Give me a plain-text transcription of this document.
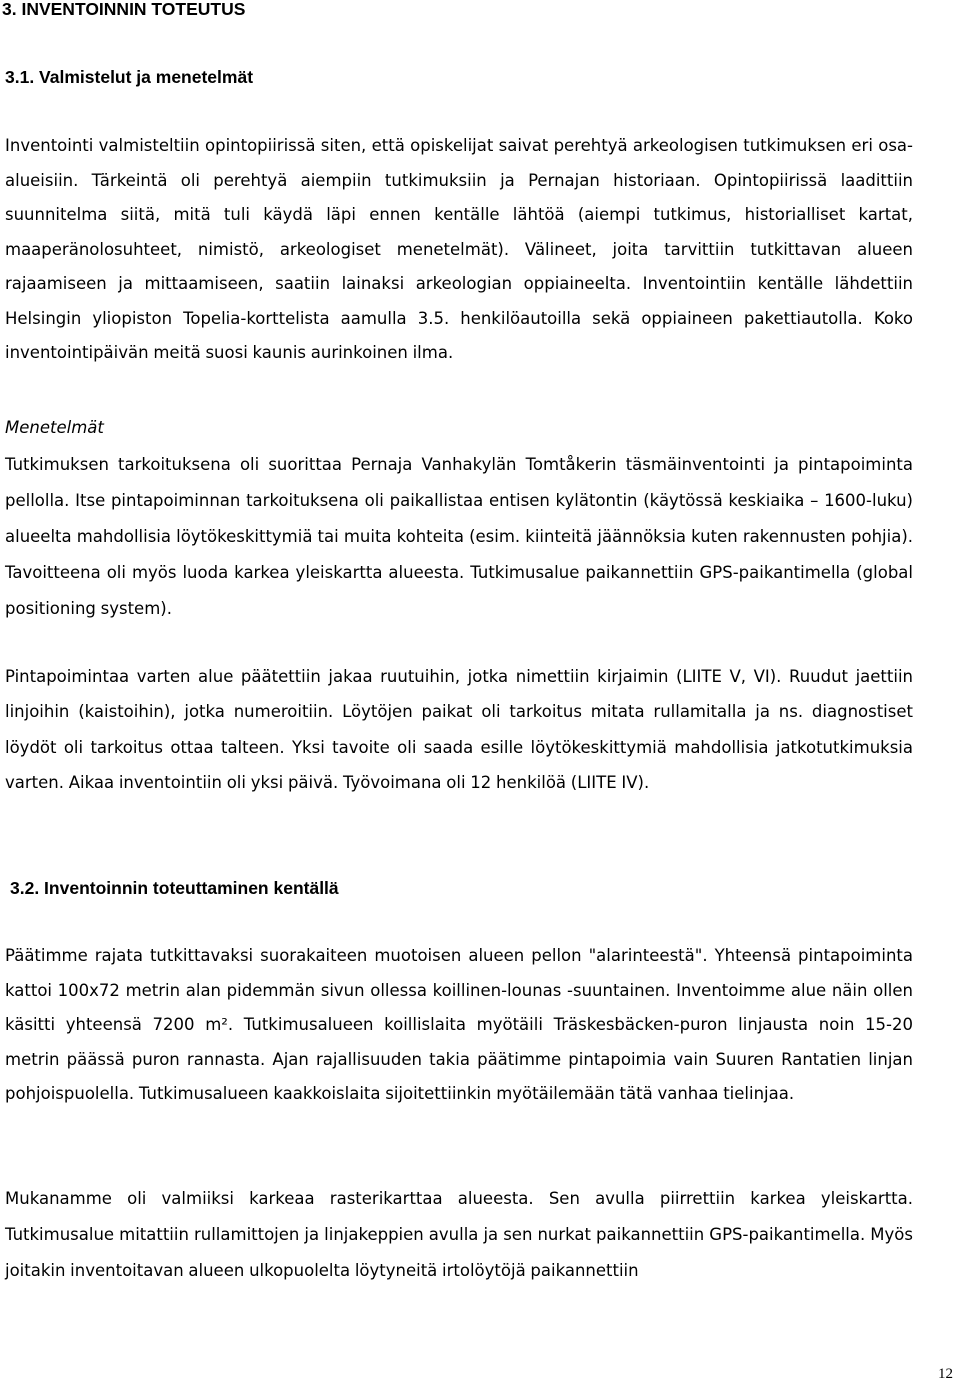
3. INVENTOINNIN TOTEUTUS
3.1. Valmistelut ja menetelmät

Inventointi valmisteltiin opintopiirissä siten, että opiskelijat saivat perehtyä arkeologisen tutkimuksen eri osa-alueisiin. Tärkeintä oli perehtyä aiempiin tutkimuksiin ja Pernajan historiaan. Opintopiirissä laadittiin suunnitelma siitä, mitä tuli käydä läpi ennen kentälle lähtöä (aiempi tutkimus, historialliset kartat, maaperänolosuhteet, nimistö, arkeologiset menetelmät). Välineet, joita tarvittiin tutkittavan alueen rajaamiseen ja mittaamiseen, saatiin lainaksi arkeologian oppiaineelta. Inventointiin kentälle lähdettiin Helsingin yliopiston Topelia-korttelista aamulla 3.5. henkilöautoilla sekä oppiaineen pakettiautolla. Koko inventointipäivän meitä suosi kaunis aurinkoinen ilma.

Menetelmät

Tutkimuksen tarkoituksena oli suorittaa Pernaja Vanhakylän Tomtåkerin täsmäinventointi ja pintapoiminta pellolla. Itse pintapoiminnan tarkoituksena oli paikallistaa entisen kylätontin (käytössä keskiaika – 1600-luku) alueelta mahdollisia löytökeskittymiä tai muita kohteita (esim. kiinteitä jäännöksia kuten rakennusten pohjia). Tavoitteena oli myös luoda karkea yleiskartta alueesta. Tutkimusalue paikannettiin GPS-paikantimella (global positioning system).

Pintapoimintaa varten alue päätettiin jakaa ruutuihin, jotka nimettiin kirjaimin (LIITE V, VI). Ruudut jaettiin linjoihin (kaistoihin), jotka numeroitiin. Löytöjen paikat oli tarkoitus mitata rullamitalla ja ns. diagnostiset löydöt oli tarkoitus ottaa talteen. Yksi tavoite oli saada esille löytökeskittymiä mahdollisia jatkotutkimuksia varten. Aikaa inventointiin oli yksi päivä. Työvoimana oli 12 henkilöä (LIITE IV).

3.2. Inventoinnin toteuttaminen kentällä

Päätimme rajata tutkittavaksi suorakaiteen muotoisen alueen pellon "alarinteestä". Yhteensä pintapoiminta kattoi 100x72 metrin alan pidemmän sivun ollessa koillinen-lounas -suuntainen. Inventoimme alue näin ollen käsitti yhteensä 7200 m². Tutkimusalueen koillislaita myötäili Träskesbäcken-puron linjausta noin 15-20 metrin päässä puron rannasta. Ajan rajallisuuden takia päätimme pintapoimia vain Suuren Rantatien linjan pohjoispuolella. Tutkimusalueen kaakkoislaita sijoitettiinkin myötäilemään tätä vanhaa tielinjaa.

Mukanamme oli valmiiksi karkeaa rasterikarttaa alueesta. Sen avulla piirrettiin karkea yleiskartta. Tutkimusalue mitattiin rullamittojen ja linjakeppien avulla ja sen nurkat paikannettiin GPS-paikantimella. Myös joitakin inventoitavan alueen ulkopuolelta löytyneitä irtolöytöjä paikannettiin

12
